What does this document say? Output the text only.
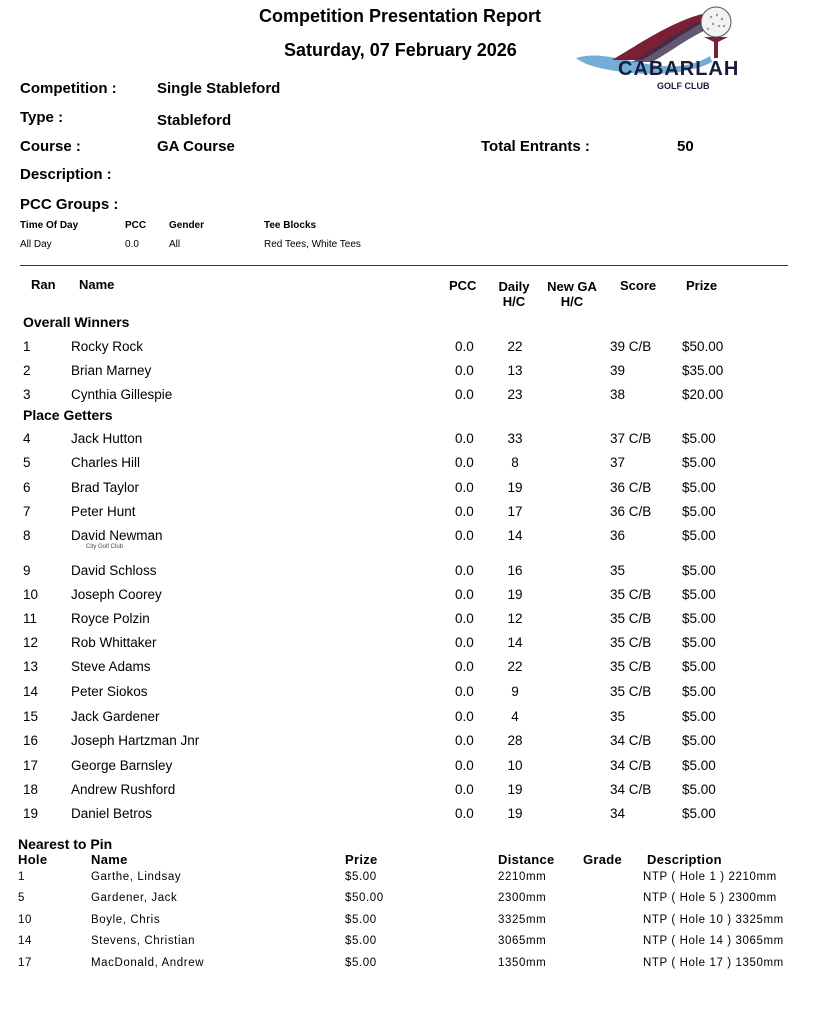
Competition Presentation Report
Saturday, 07 February 2026
CABARLAH
GOLF CLUB
Competition :	Single Stableford
Type :	Stableford
Course :	GA Course	Total Entrants :	50
Description :
PCC Groups :
Time Of Day	PCC Gender	Tee Blocks
All Day	0.0	All	Red Tees, White Tees
Ran Name	PCC	Daily
H/C
New GA
H/C
Score Prize
Overall Winners
Place Getters
1	Rocky Rock	0.0	22	39 C/B $50.00
2	Brian Marney	0.0	13	39	$35.00
3	Cynthia Gillespie	0.0	23	38	$20.00
4	Jack Hutton	0.0	33	37 C/B $5.00
5	Charles Hill	0.0	8	37	$5.00
6	Brad Taylor	0.0	19	36 C/B $5.00
7	Peter Hunt	0.0	17	36 C/B $5.00
8	David Newman	0.0	14	36	$5.00
City Golf Club
9	David Schloss	0.0	16	35	$5.00
10 Joseph Coorey	0.0	19	35 C/B $5.00
11	Royce Polzin	0.0	12	35 C/B $5.00
12 Rob Whittaker	0.0	14	35 C/B $5.00
13 Steve Adams	0.0	22	35 C/B $5.00
14 Peter Siokos	0.0	9	35 C/B $5.00
15 Jack Gardener	0.0	4	35	$5.00
16 Joseph Hartzman Jnr	0.0	28	34 C/B $5.00
17 George Barnsley	0.0	10	34 C/B $5.00
18 Andrew Rushford	0.0	19	34 C/B $5.00
19 Daniel Betros	0.0	19	34	$5.00
Nearest to Pin
Hole	Name	Prize	Distance Grade Description
1	Garthe, Lindsay	$5.00	2210mm	NTP ( Hole 1 ) 2210mm
5	Gardener, Jack	$50.00	2300mm	NTP ( Hole 5 ) 2300mm
10	Boyle, Chris	$5.00	3325mm	NTP ( Hole 10 ) 3325mm
14	Stevens, Christian	$5.00	3065mm	NTP ( Hole 14 ) 3065mm
17	MacDonald, Andrew	$5.00	1350mm	NTP ( Hole 17 ) 1350mm
